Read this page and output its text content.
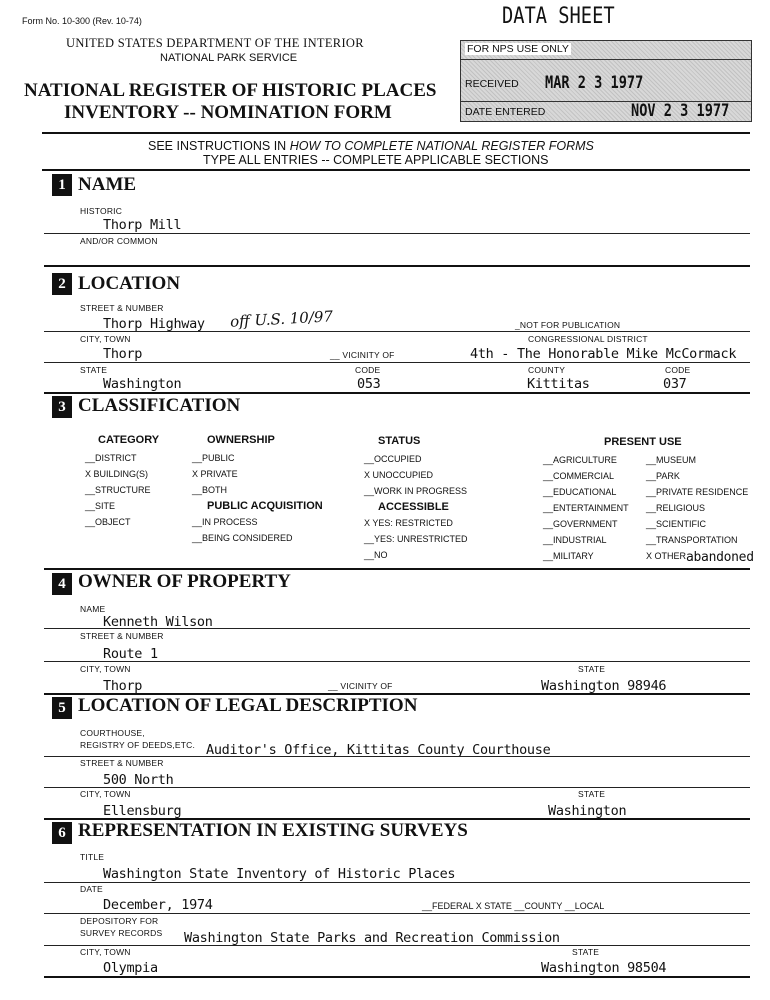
Form No. 10-300 (Rev. 10-74)
UNITED STATES DEPARTMENT OF THE INTERIOR
NATIONAL PARK SERVICE
NATIONAL REGISTER OF HISTORIC PLACES
INVENTORY -- NOMINATION FORM
DATA SHEET
FOR NPS USE ONLY
RECEIVED MAR 2 3 1977
DATE ENTERED	NOV 2 3 1977
SEE INSTRUCTIONS IN HOW TO COMPLETE NATIONAL REGISTER FORMS
TYPE ALL ENTRIES -- COMPLETE APPLICABLE SECTIONS
1 NAME
HISTORIC
Thorp Mill
AND/OR COMMON
2 LOCATION
STREET & NUMBER
Thorp Highway off U.S. 10/97	_NOT FOR PUBLICATION
CITY, TOWN	CONGRESSIONAL DISTRICT
Thorp	__ VICINITY OF	4th - The Honorable Mike McCormack
STATE	CODE	COUNTY	CODE
Washington	053	Kittitas	037
3 CLASSIFICATION
CATEGORY
__DISTRICT
X BUILDING(S)
__STRUCTURE
__SITE
__OBJECT
OWNERSHIP
__PUBLIC
X PRIVATE
__BOTH
PUBLIC ACQUISITION
__IN PROCESS
__BEING CONSIDERED
STATUS
__OCCUPIED
X UNOCCUPIED
__WORK IN PROGRESS
ACCESSIBLE
X YES: RESTRICTED
__YES: UNRESTRICTED
__NO
PRESENT USE
__AGRICULTURE
__COMMERCIAL
__EDUCATIONAL
__ENTERTAINMENT
__GOVERNMENT
__INDUSTRIAL
__MILITARY
__MUSEUM
__PARK
__PRIVATE RESIDENCE
__RELIGIOUS
__SCIENTIFIC
__TRANSPORTATION
X OTHER abandoned
4 OWNER OF PROPERTY
NAME
Kenneth Wilson
STREET & NUMBER
Route 1
CITY, TOWN	STATE
Thorp	__ VICINITY OF	Washington 98946
5 LOCATION OF LEGAL DESCRIPTION
COURTHOUSE,
REGISTRY OF DEEDS,ETC. Auditor's Office, Kittitas County Courthouse
STREET & NUMBER
500 North
CITY, TOWN	STATE
Ellensburg	Washington
6 REPRESENTATION IN EXISTING SURVEYS
TITLE
Washington State Inventory of Historic Places
DATE
December, 1974	__FEDERAL X STATE __COUNTY __LOCAL
DEPOSITORY FOR
SURVEY RECORDS Washington State Parks and Recreation Commission
CITY, TOWN	STATE
Olympia	Washington 98504
